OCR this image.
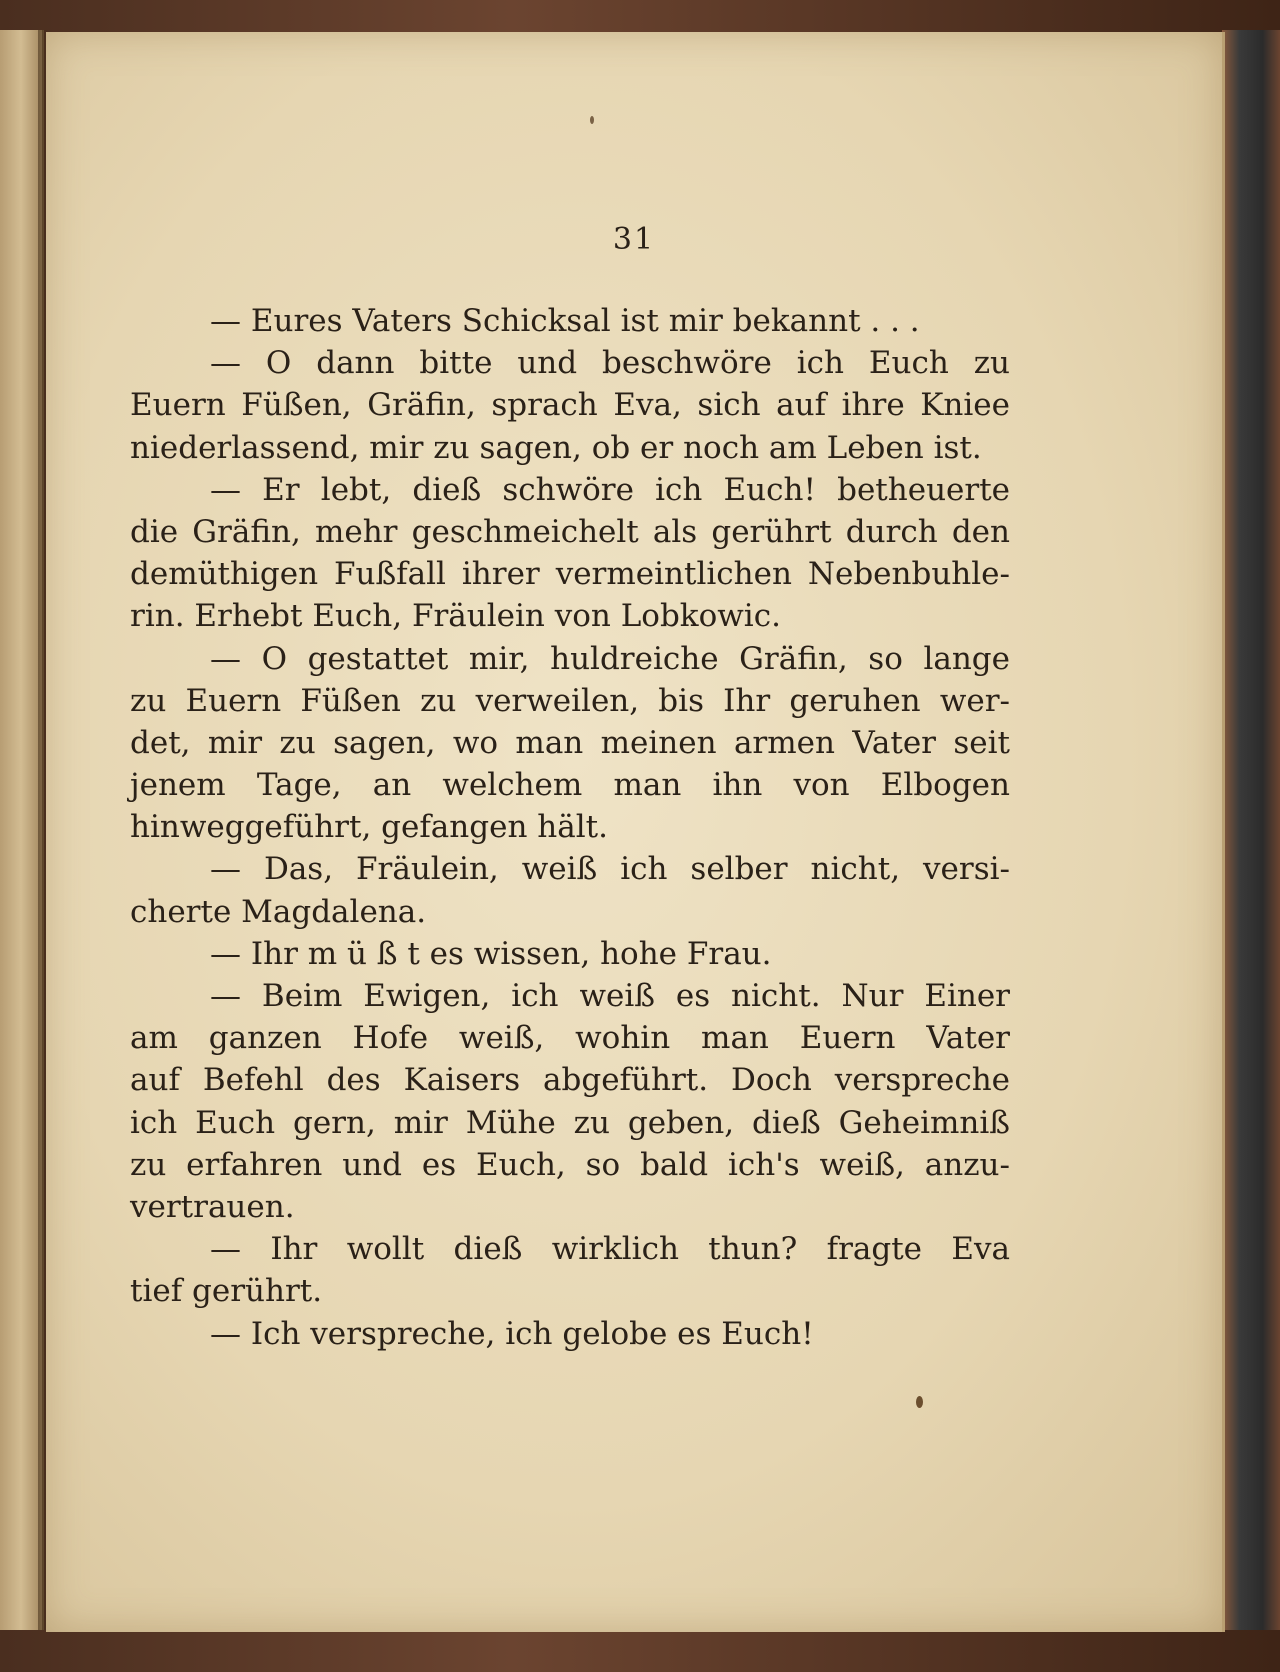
31
— Eures Vaters Schicksal ist mir bekannt . . .
— O dann bitte und beschwöre ich Euch zu
Euern Füßen, Gräfin, sprach Eva, sich auf ihre Kniee
niederlassend, mir zu sagen, ob er noch am Leben ist.
— Er lebt, dieß schwöre ich Euch! betheuerte
die Gräfin, mehr geschmeichelt als gerührt durch den
demüthigen Fußfall ihrer vermeintlichen Nebenbuhle-
rin. Erhebt Euch, Fräulein von Lobkowic.
— O gestattet mir, huldreiche Gräfin, so lange
zu Euern Füßen zu verweilen, bis Ihr geruhen wer-
det, mir zu sagen, wo man meinen armen Vater seit
jenem Tage, an welchem man ihn von Elbogen
hinweggeführt, gefangen hält.
— Das, Fräulein, weiß ich selber nicht, versi-
cherte Magdalena.
— Ihr m ü ß t es wissen, hohe Frau.
— Beim Ewigen, ich weiß es nicht. Nur Einer
am ganzen Hofe weiß, wohin man Euern Vater
auf Befehl des Kaisers abgeführt. Doch verspreche
ich Euch gern, mir Mühe zu geben, dieß Geheimniß
zu erfahren und es Euch, so bald ich's weiß, anzu-
vertrauen.
— Ihr wollt dieß wirklich thun? fragte Eva
tief gerührt.
— Ich verspreche, ich gelobe es Euch!
